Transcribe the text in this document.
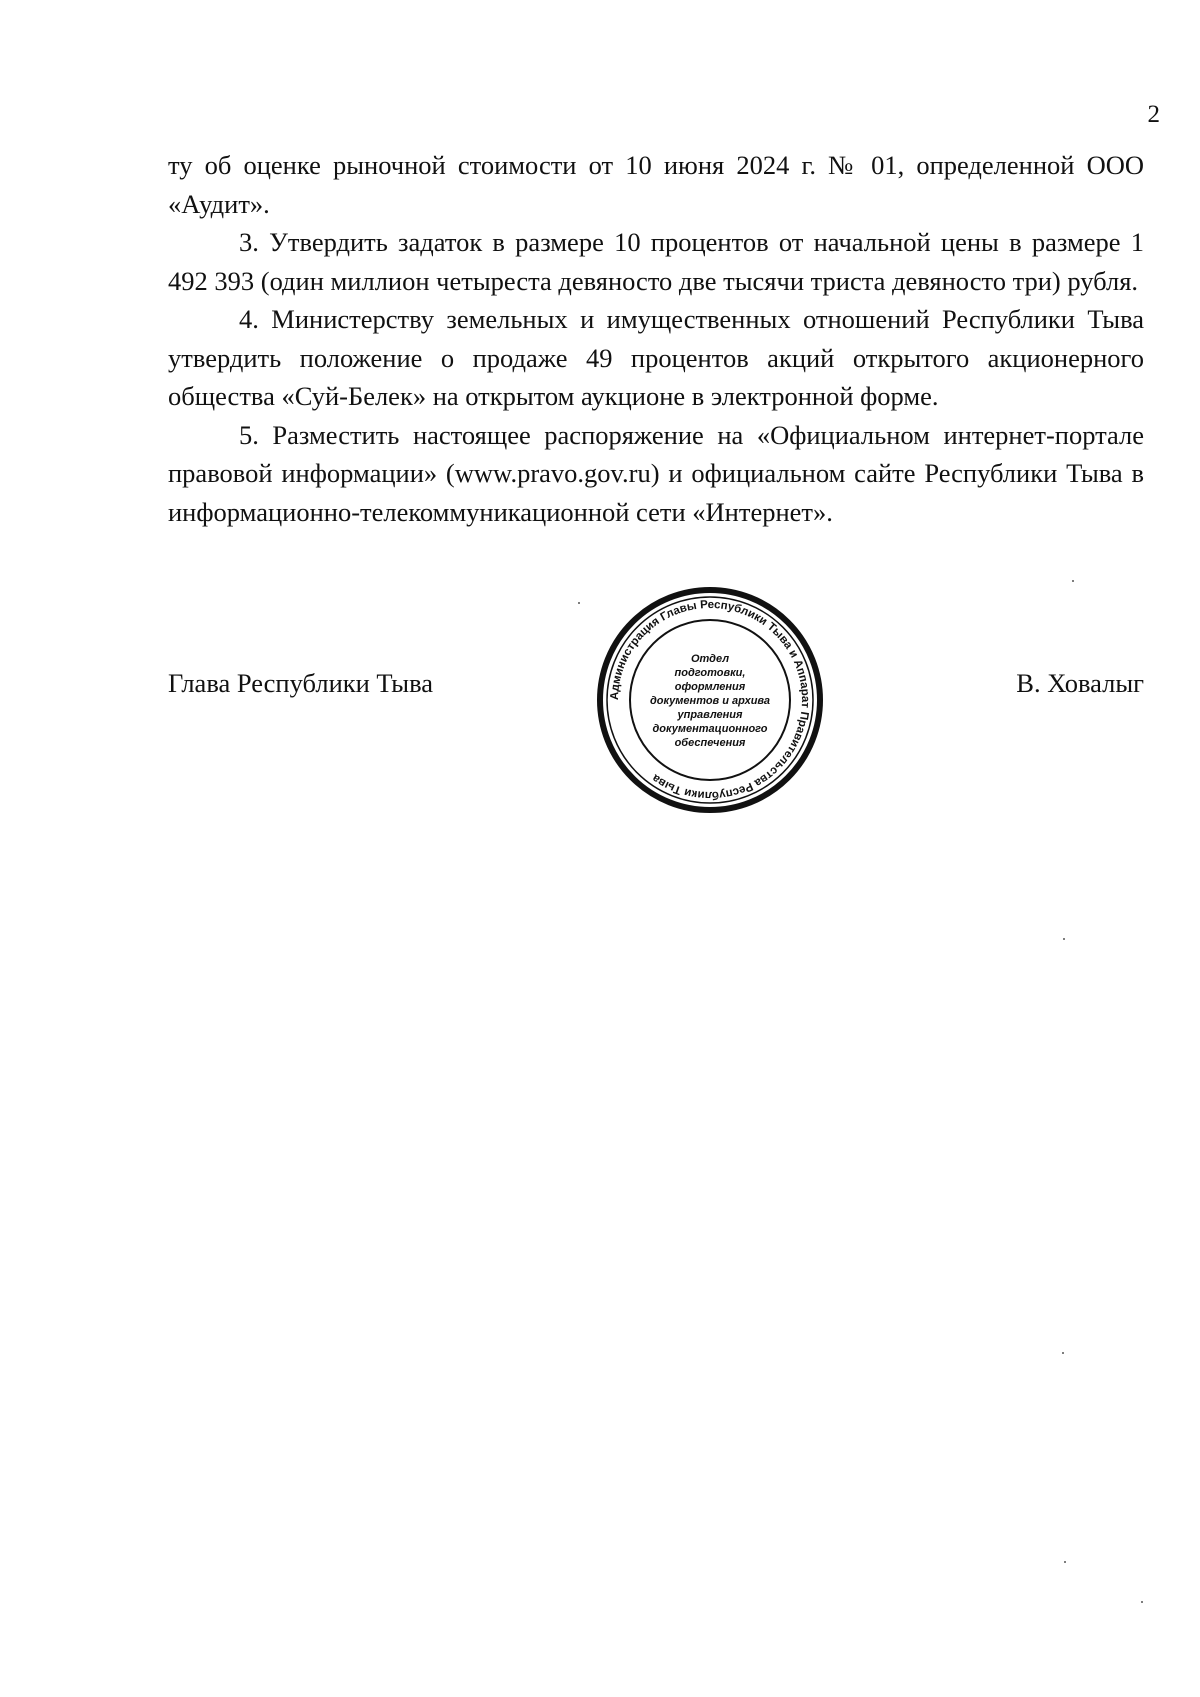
2

ту об оценке рыночной стоимости от 10 июня 2024 г. № 01, определенной ООО «Аудит».

3. Утвердить задаток в размере 10 процентов от начальной цены в размере 1 492 393 (один миллион четыреста девяносто две тысячи триста девяносто три) рубля.

4. Министерству земельных и имущественных отношений Республики Тыва утвердить положение о продаже 49 процентов акций открытого акционерного общества «Суй-Белек» на открытом аукционе в электронной форме.

5. Разместить настоящее распоряжение на «Официальном интернет-портале правовой информации» (www.pravo.gov.ru) и официальном сайте Республики Тыва в информационно-телекоммуникационной сети «Интернет».

Глава Республики Тыва	В. Ховалыг
Администрация Главы Республики Тыва и Аппарат Правительства Республики Тыва
Отдел
подготовки,
оформления
документов и архива
управления
документационного
обеспечения
